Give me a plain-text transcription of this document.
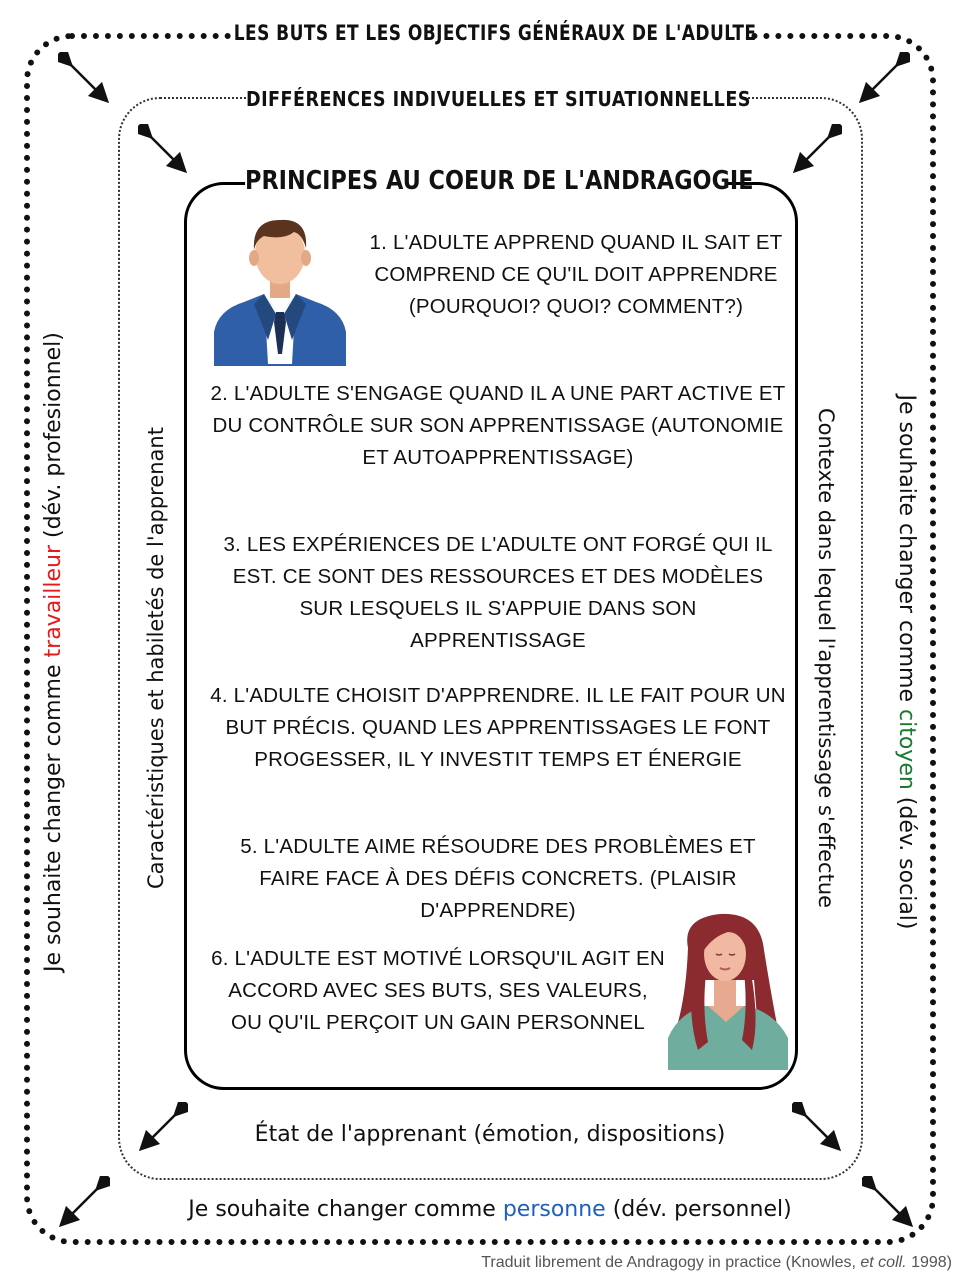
LES BUTS ET LES OBJECTIFS GÉNÉRAUX DE L'ADULTE
DIFFÉRENCES INDIVUELLES ET SITUATIONNELLES
PRINCIPES AU COEUR DE L'ANDRAGOGIE
Je souhaite changer comme travailleur (dév. profesionnel)	Caractéristiques et habiletés de l'apprenant	Contexte dans lequel l'apprentissage s'effectue	Je souhaite changer comme citoyen (dév. social)
État de l'apprenant (émotion, dispositions)
Je souhaite changer comme personne (dév. personnel)
1. L'ADULTE APPREND QUAND IL SAIT ET COMPREND CE QU'IL DOIT APPRENDRE (POURQUOI? QUOI? COMMENT?)
2. L'ADULTE S'ENGAGE QUAND IL A UNE PART ACTIVE ET DU CONTRÔLE SUR SON APPRENTISSAGE (AUTONOMIE ET AUTOAPPRENTISSAGE)
3. LES EXPÉRIENCES DE L'ADULTE ONT FORGÉ QUI IL EST. CE SONT DES RESSOURCES ET DES MODÈLES SUR LESQUELS IL S'APPUIE DANS SON APPRENTISSAGE
4. L'ADULTE CHOISIT D'APPRENDRE. IL LE FAIT POUR UN BUT PRÉCIS. QUAND LES APPRENTISSAGES LE FONT PROGESSER, IL Y INVESTIT TEMPS ET ÉNERGIE
5. L'ADULTE AIME RÉSOUDRE DES PROBLÈMES ET FAIRE FACE À DES DÉFIS CONCRETS. (PLAISIR D'APPRENDRE)
6. L'ADULTE EST MOTIVÉ LORSQU'IL AGIT EN ACCORD AVEC SES BUTS, SES VALEURS, OU QU'IL PERÇOIT UN GAIN PERSONNEL
Traduit librement de Andragogy in practice (Knowles, et coll. 1998)
